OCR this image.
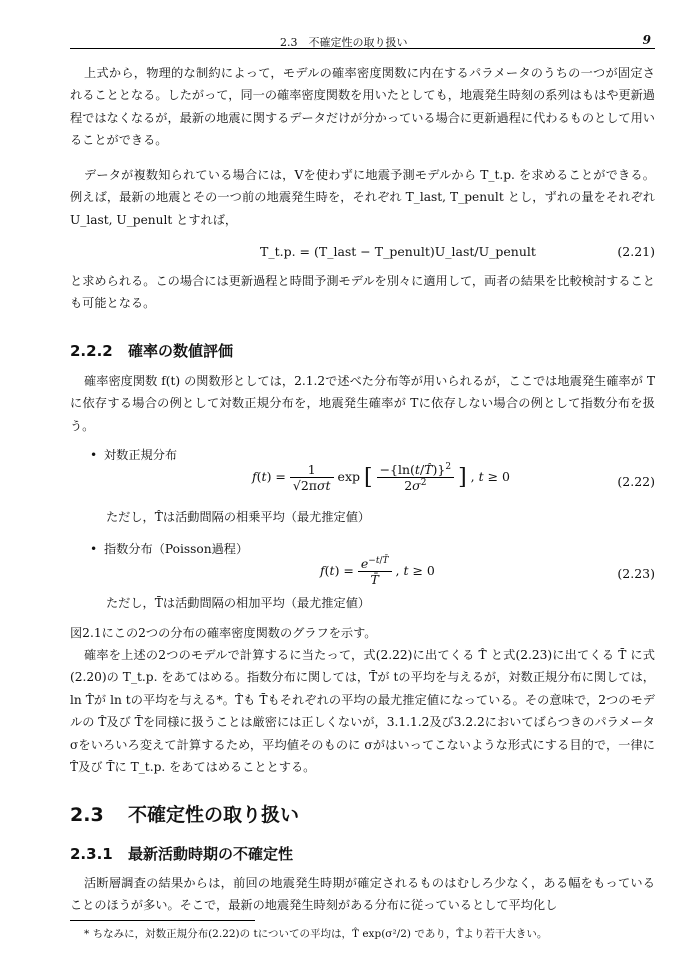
2.3　不確定性の取り扱い	9

上式から，物理的な制約によって，モデルの確率密度関数に内在するパラメータのうちの一つが固定されることとなる。したがって，同一の確率密度関数を用いたとしても，地震発生時刻の系列はもはや更新過程ではなくなるが，最新の地震に関するデータだけが分かっている場合に更新過程に代わるものとして用いることができる。

データが複数知られている場合には，Vを使わずに地震予測モデルから T_t.p. を求めることができる。例えば，最新の地震とその一つ前の地震発生時を，それぞれ T_last, T_penult とし，ずれの量をそれぞれ U_last, U_penult とすれば，

T_t.p. = (T_last − T_penult)U_last/U_penult	(2.21)

と求められる。この場合には更新過程と時間予測モデルを別々に適用して，両者の結果を比較検討することも可能となる。

2.2.2 確率の数値評価

確率密度関数 f(t) の関数形としては，2.1.2で述べた分布等が用いられるが，ここでは地震発生確率が Tに依存する場合の例として対数正規分布を，地震発生確率が Tに依存しない場合の例として指数分布を扱う。

• 対数正規分布
$f(t) = \frac{1}{\text{√2πσt}}$ exp [ $\frac{-\{\ln(t/T̂)\}^2}{2\sigma^2}$ ] , t ≥ 0	(2.22)
ただし，T̂は活動間隔の相乗平均（最尤推定値）
• 指数分布（Poisson過程）
$f(t) = \frac{e^{-t/T̄}}{T̄}$ , t ≥ 0	(2.23)
ただし，T̄は活動間隔の相加平均（最尤推定値）

図2.1にこの2つの分布の確率密度関数のグラフを示す。

確率を上述の2つのモデルで計算するに当たって，式(2.22)に出てくる T̂ と式(2.23)に出てくる T̄ に式(2.20)の T_t.p. をあてはめる。指数分布に関しては，T̄が tの平均を与えるが，対数正規分布に関しては，ln T̂が ln tの平均を与える*。T̂も T̄もそれぞれの平均の最尤推定値になっている。その意味で，2つのモデルの T̂及び T̄を同様に扱うことは厳密には正しくないが，3.1.1.2及び3.2.2においてばらつきのパラメータ σをいろいろ変えて計算するため，平均値そのものに σがはいってこないような形式にする目的で，一律に T̂及び T̄に T_t.p. をあてはめることとする。

2.3 不確定性の取り扱い
2.3.1 最新活動時期の不確定性

活断層調査の結果からは，前回の地震発生時期が確定されるものはむしろ少なく，ある幅をもっていることのほうが多い。そこで，最新の地震発生時刻がある分布に従っているとして平均化し

* ちなみに，対数正規分布(2.22)の tについての平均は，T̂ exp(σ²/2) であり，T̂より若干大きい。
